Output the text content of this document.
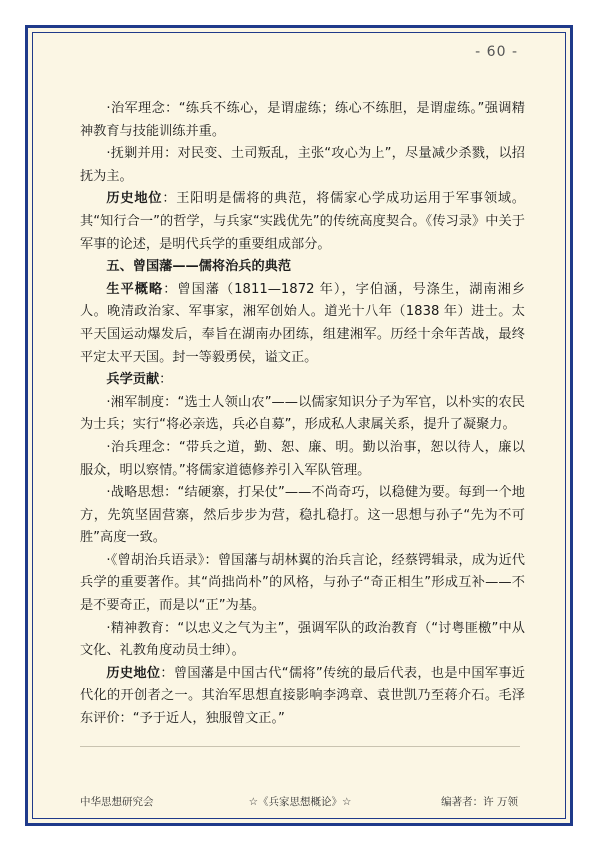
- 60 -

·治军理念：“练兵不练心，是谓虚练；练心不练胆，是谓虚练。”强调精神教育与技能训练并重。

·抚剿并用：对民变、土司叛乱，主张“攻心为上”，尽量减少杀戮，以招抚为主。

历史地位：王阳明是儒将的典范，将儒家心学成功运用于军事领域。其“知行合一”的哲学，与兵家“实践优先”的传统高度契合。《传习录》中关于军事的论述，是明代兵学的重要组成部分。

五、曾国藩——儒将治兵的典范

生平概略：曾国藩（1811—1872 年），字伯涵，号涤生，湖南湘乡人。晚清政治家、军事家，湘军创始人。道光十八年（1838 年）进士。太平天国运动爆发后，奉旨在湖南办团练，组建湘军。历经十余年苦战，最终平定太平天国。封一等毅勇侯，谥文正。

兵学贡献：

·湘军制度：“选士人领山农”——以儒家知识分子为军官，以朴实的农民为士兵；实行“将必亲选，兵必自募”，形成私人隶属关系，提升了凝聚力。

·治兵理念：“带兵之道，勤、恕、廉、明。勤以治事，恕以待人，廉以服众，明以察情。”将儒家道德修养引入军队管理。

·战略思想：“结硬寨，打呆仗”——不尚奇巧，以稳健为要。每到一个地方，先筑坚固营寨，然后步步为营，稳扎稳打。这一思想与孙子“先为不可胜”高度一致。

·《曾胡治兵语录》：曾国藩与胡林翼的治兵言论，经蔡锷辑录，成为近代兵学的重要著作。其“尚拙尚朴”的风格，与孙子“奇正相生”形成互补——不是不要奇正，而是以“正”为基。

·精神教育：“以忠义之气为主”，强调军队的政治教育（“讨粤匪檄”中从文化、礼教角度动员士绅）。

历史地位：曾国藩是中国古代“儒将”传统的最后代表，也是中国军事近代化的开创者之一。其治军思想直接影响李鸿章、袁世凯乃至蒋介石。毛泽东评价：“予于近人，独服曾文正。”

中华思想研究会	☆《兵家思想概论》☆	编著者：许 万领
